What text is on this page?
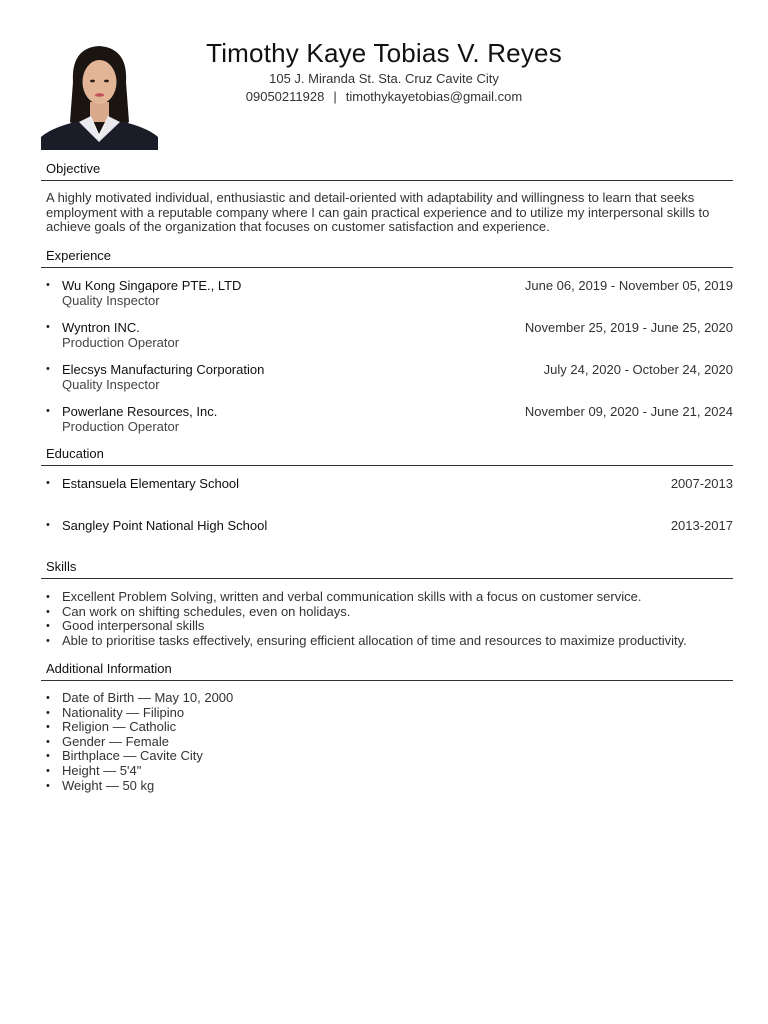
Timothy Kaye Tobias V. Reyes
105 J. Miranda St. Sta. Cruz Cavite City
09050211928 | timothykayetobias@gmail.com
Objective
A highly motivated individual, enthusiastic and detail-oriented with adaptability and willingness to learn that seeks employment with a reputable company where I can gain practical experience and to utilize my interpersonal skills to achieve goals of the organization that focuses on customer satisfaction and experience.
Experience
• Wu Kong Singapore PTE., LTD
Quality Inspector
June 06, 2019 - November 05, 2019
• Wyntron INC.
Production Operator
November 25, 2019 - June 25, 2020
• Elecsys Manufacturing Corporation
Quality Inspector
July 24, 2020 - October 24, 2020
• Powerlane Resources, Inc.
Production Operator
November 09, 2020 - June 21, 2024
Education
• Estansuela Elementary School	2007-2013
• Sangley Point National High School	2013-2017
Skills
• Excellent Problem Solving, written and verbal communication skills with a focus on customer service.
• Can work on shifting schedules, even on holidays.
• Good interpersonal skills
• Able to prioritise tasks effectively, ensuring efficient allocation of time and resources to maximize productivity.
Additional Information
• Date of Birth — May 10, 2000
• Nationality — Filipino
• Religion — Catholic
• Gender — Female
• Birthplace — Cavite City
• Height — 5'4"
• Weight — 50 kg
